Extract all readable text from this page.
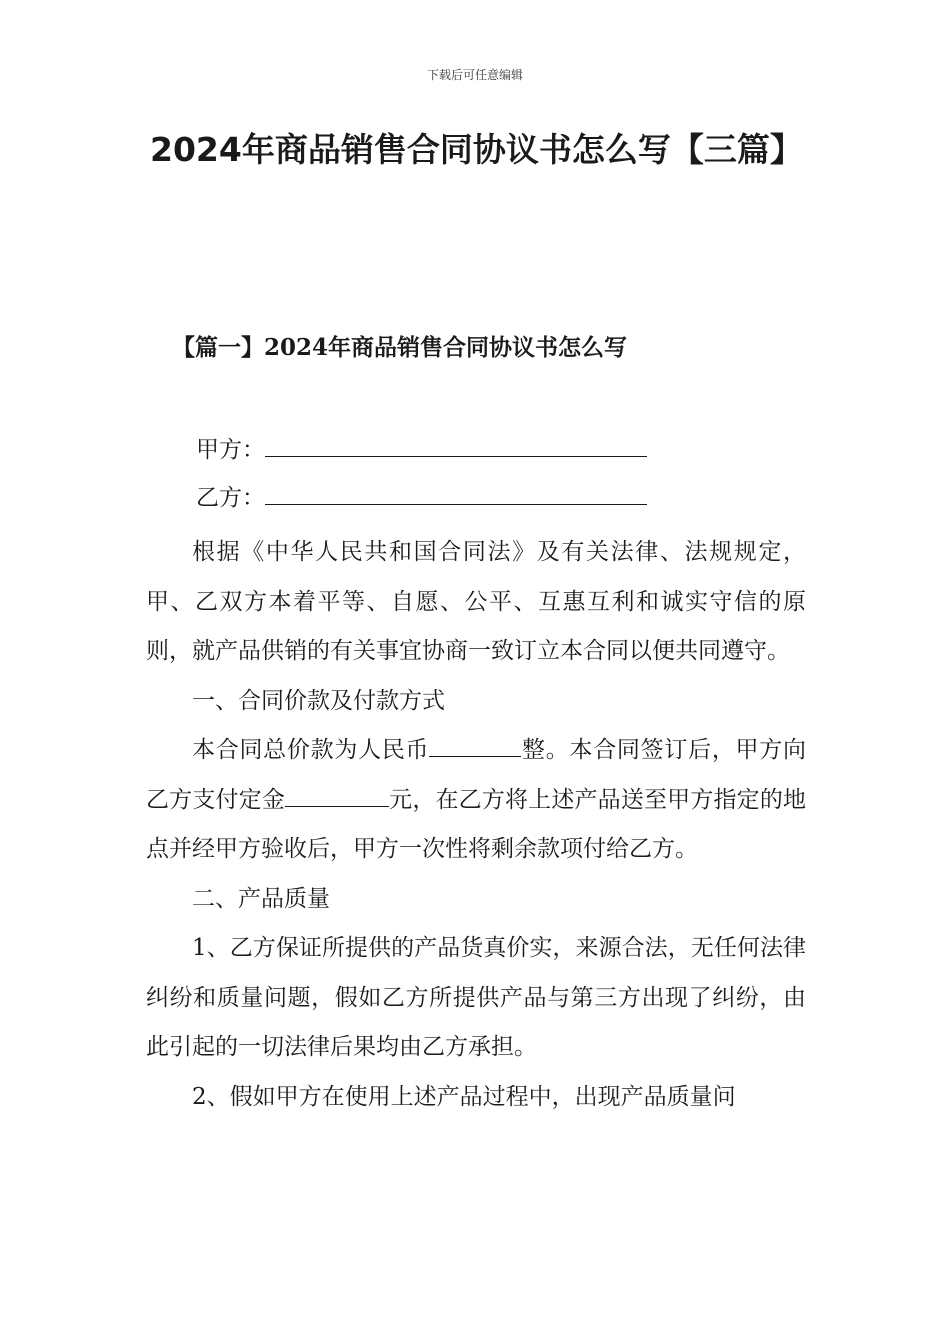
下载后可任意编辑
2024年商品销售合同协议书怎么写【三篇】
【篇一】2024年商品销售合同协议书怎么写
甲方：
乙方：

根据《中华人民共和国合同法》及有关法律、法规规定，甲、乙双方本着平等、自愿、公平、互惠互利和诚实守信的原则，就产品供销的有关事宜协商一致订立本合同以便共同遵守。

一、合同价款及付款方式

本合同总价款为人民币	整。本合同签订后，甲方向乙方支付定金	元，在乙方将上述产品送至甲方指定的地点并经甲方验收后，甲方一次性将剩余款项付给乙方。

二、产品质量

1、乙方保证所提供的产品货真价实，来源合法，无任何法律纠纷和质量问题，假如乙方所提供产品与第三方出现了纠纷，由此引起的一切法律后果均由乙方承担。

2、假如甲方在使用上述产品过程中，出现产品质量问
